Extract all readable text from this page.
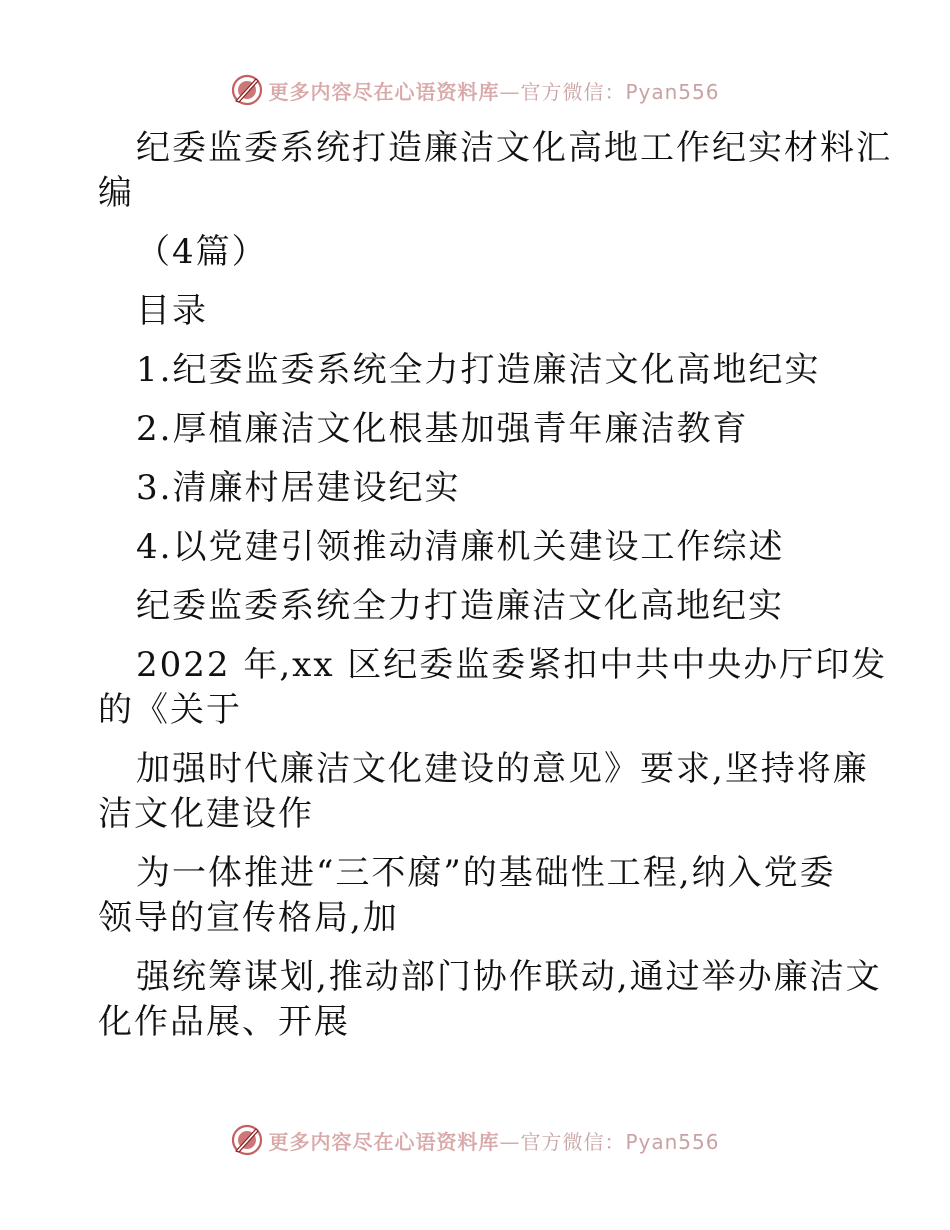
更多内容尽在心语资料库—官方微信：Pyan556
纪委监委系统打造廉洁文化高地工作纪实材料汇
编
（4篇）
目录
1.纪委监委系统全力打造廉洁文化高地纪实
2.厚植廉洁文化根基加强青年廉洁教育
3.清廉村居建设纪实
4.以党建引领推动清廉机关建设工作综述
纪委监委系统全力打造廉洁文化高地纪实
2022 年,xx 区纪委监委紧扣中共中央办厅印发
的《关于
加强时代廉洁文化建设的意见》要求,坚持将廉
洁文化建设作
为一体推进“三不腐”的基础性工程,纳入党委
领导的宣传格局,加
强统筹谋划,推动部门协作联动,通过举办廉洁文
化作品展、开展
更多内容尽在心语资料库—官方微信：Pyan556
